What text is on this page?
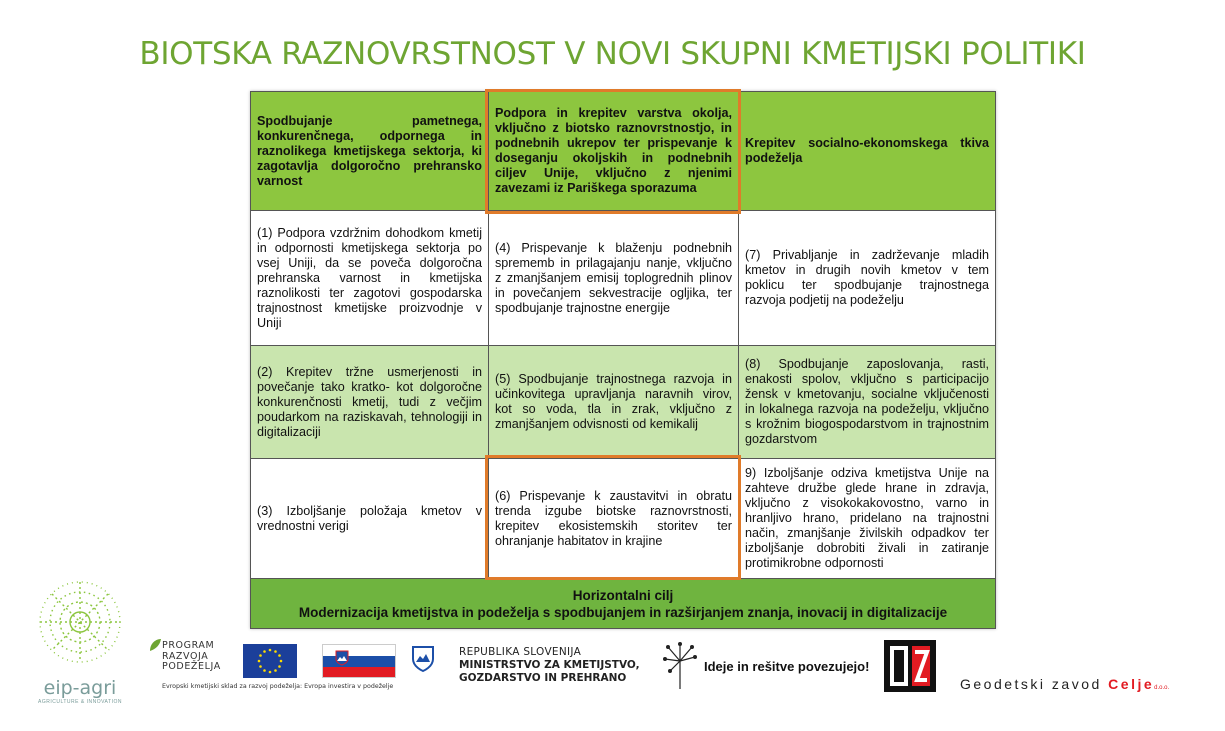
BIOTSKA RAZNOVRSTNOST V NOVI SKUPNI KMETIJSKI POLITIKI
Spodbujanje pametnega, konkurenčnega, odpornega in raznolikega kmetijskega sektorja, ki zagotavlja dolgoročno prehransko varnost
Podpora in krepitev varstva okolja, vključno z biotsko raznovrstnostjo, in podnebnih ukrepov ter prispevanje k doseganju okoljskih in podnebnih ciljev Unije, vključno z njenimi zavezami iz Pariškega sporazuma
Krepitev socialno-ekonomskega tkiva podeželja
(1) Podpora vzdržnim dohodkom kmetij in odpornosti kmetijskega sektorja po vsej Uniji, da se poveča dolgoročna prehranska varnost in kmetijska raznolikosti ter zagotovi gospodarska trajnostnost kmetijske proizvodnje v Uniji
(4) Prispevanje k blaženju podnebnih sprememb in prilagajanju nanje, vključno z zmanjšanjem emisij toplogrednih plinov in povečanjem sekvestracije ogljika, ter spodbujanje trajnostne energije
(7) Privabljanje in zadrževanje mladih kmetov in drugih novih kmetov v tem poklicu ter spodbujanje trajnostnega razvoja podjetij na podeželju
(2) Krepitev tržne usmerjenosti in povečanje tako kratko- kot dolgoročne konkurenčnosti kmetij, tudi z večjim poudarkom na raziskavah, tehnologiji in digitalizaciji
(5) Spodbujanje trajnostnega razvoja in učinkovitega upravljanja naravnih virov, kot so voda, tla in zrak, vključno z zmanjšanjem odvisnosti od kemikalij
(8) Spodbujanje zaposlovanja, rasti, enakosti spolov, vključno s participacijo žensk v kmetovanju, socialne vključenosti in lokalnega razvoja na podeželju, vključno s krožnim biogospodarstvom in trajnostnim gozdarstvom
(3) Izboljšanje položaja kmetov v vrednostni verigi
(6) Prispevanje k zaustavitvi in obratu trenda izgube biotske raznovrstnosti, krepitev ekosistemskih storitev ter ohranjanje habitatov in krajine
9) Izboljšanje odziva kmetijstva Unije na zahteve družbe glede hrane in zdravja, vključno z visokokakovostno, varno in hranljivo hrano, pridelano na trajnostni način, zmanjšanje živilskih odpadkov ter izboljšanje dobrobiti živali in zatiranje protimikrobne odpornosti
Horizontalni cilj
Modernizacija kmetijstva in podeželja s spodbujanjem in razširjanjem znanja, inovacij in digitalizacije
eip-agri
AGRICULTURE & INNOVATION
PROGRAM
RAZVOJA
PODEŽELJA
Evropski kmetijski sklad za razvoj podeželja: Evropa investira v podeželje
REPUBLIKA SLOVENIJA
MINISTRSTVO ZA KMETIJSTVO,
GOZDARSTVO IN PREHRANO
Ideje in rešitve povezujejo!
Geodetski zavod Celjed.o.o.
